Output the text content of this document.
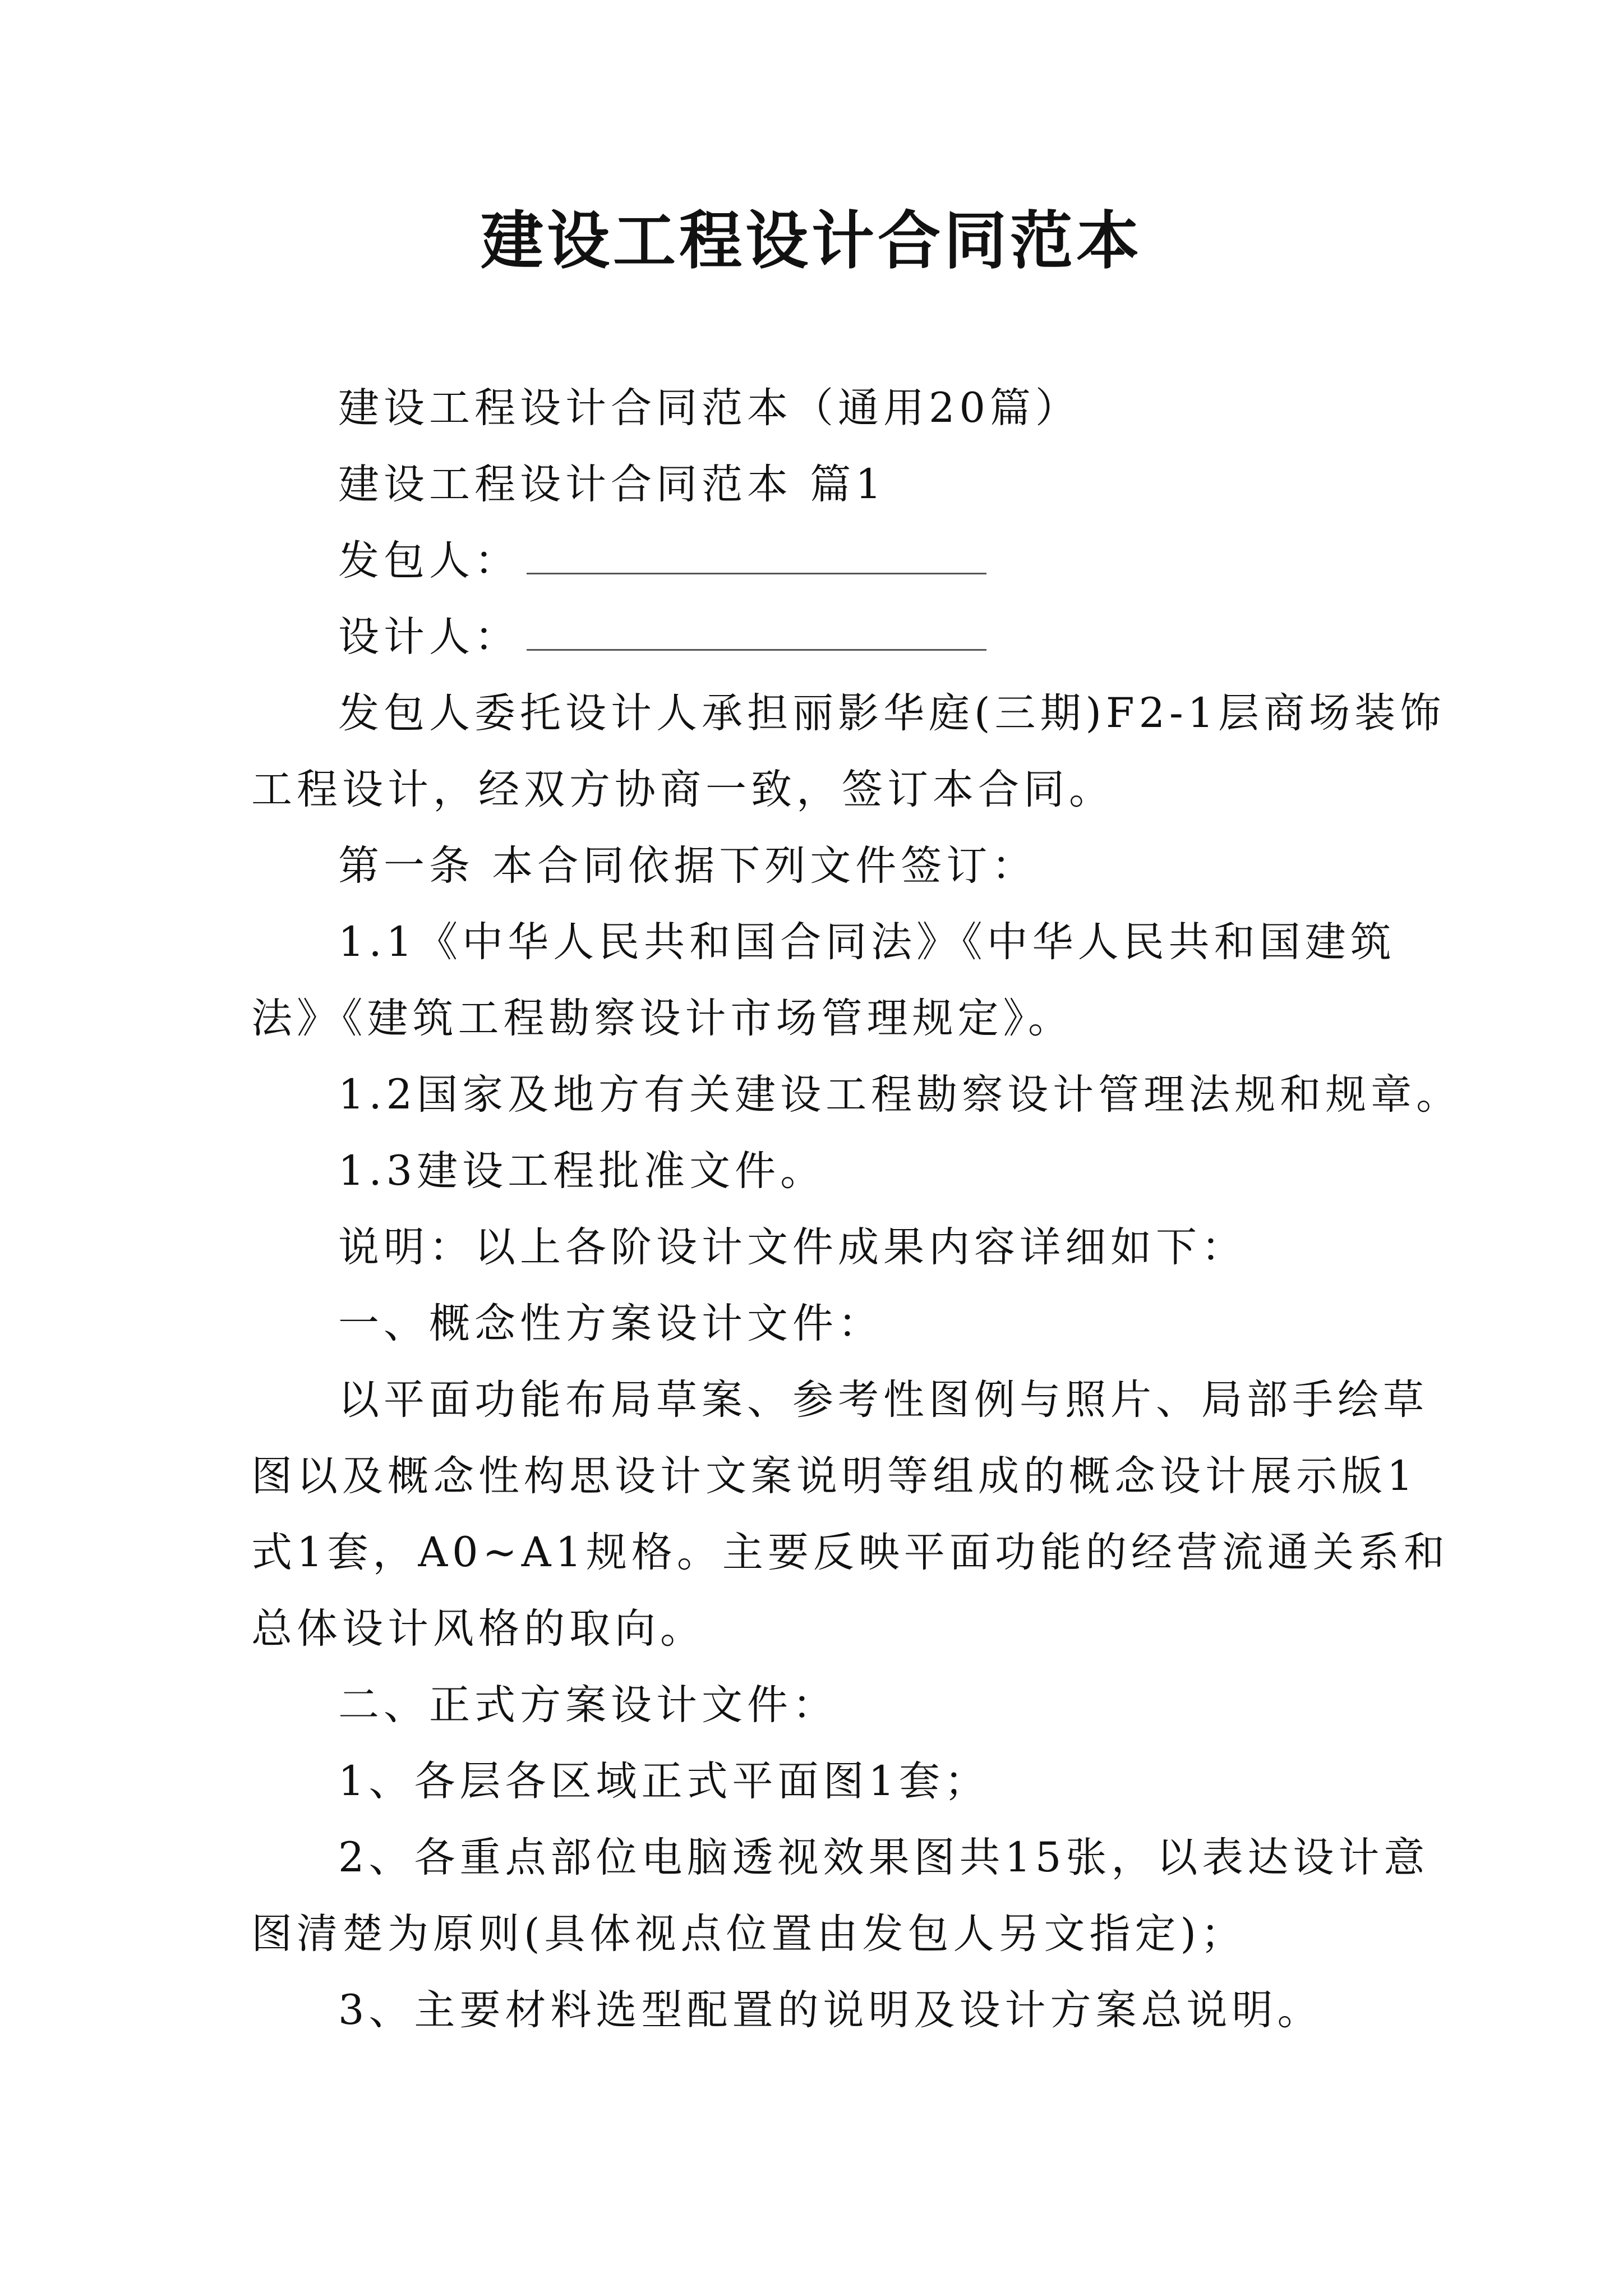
建设工程设计合同范本

建设工程设计合同范本（通用20篇）

建设工程设计合同范本 篇1

发包人：
设计人：

发包人委托设计人承担丽影华庭(三期)F2-1层商场装饰

工程设计，经双方协商一致，签订本合同。

第一条 本合同依据下列文件签订：

1.1《中华人民共和国合同法》《中华人民共和国建筑

法》《建筑工程勘察设计市场管理规定》。

1.2国家及地方有关建设工程勘察设计管理法规和规章。

1.3建设工程批准文件。

说明：以上各阶设计文件成果内容详细如下：

一、概念性方案设计文件：

以平面功能布局草案、参考性图例与照片、局部手绘草

图以及概念性构思设计文案说明等组成的概念设计展示版1

式1套，A0~A1规格。主要反映平面功能的经营流通关系和

总体设计风格的取向。

二、正式方案设计文件：

1、各层各区域正式平面图1套；

2、各重点部位电脑透视效果图共15张，以表达设计意

图清楚为原则(具体视点位置由发包人另文指定)；

3、主要材料选型配置的说明及设计方案总说明。
